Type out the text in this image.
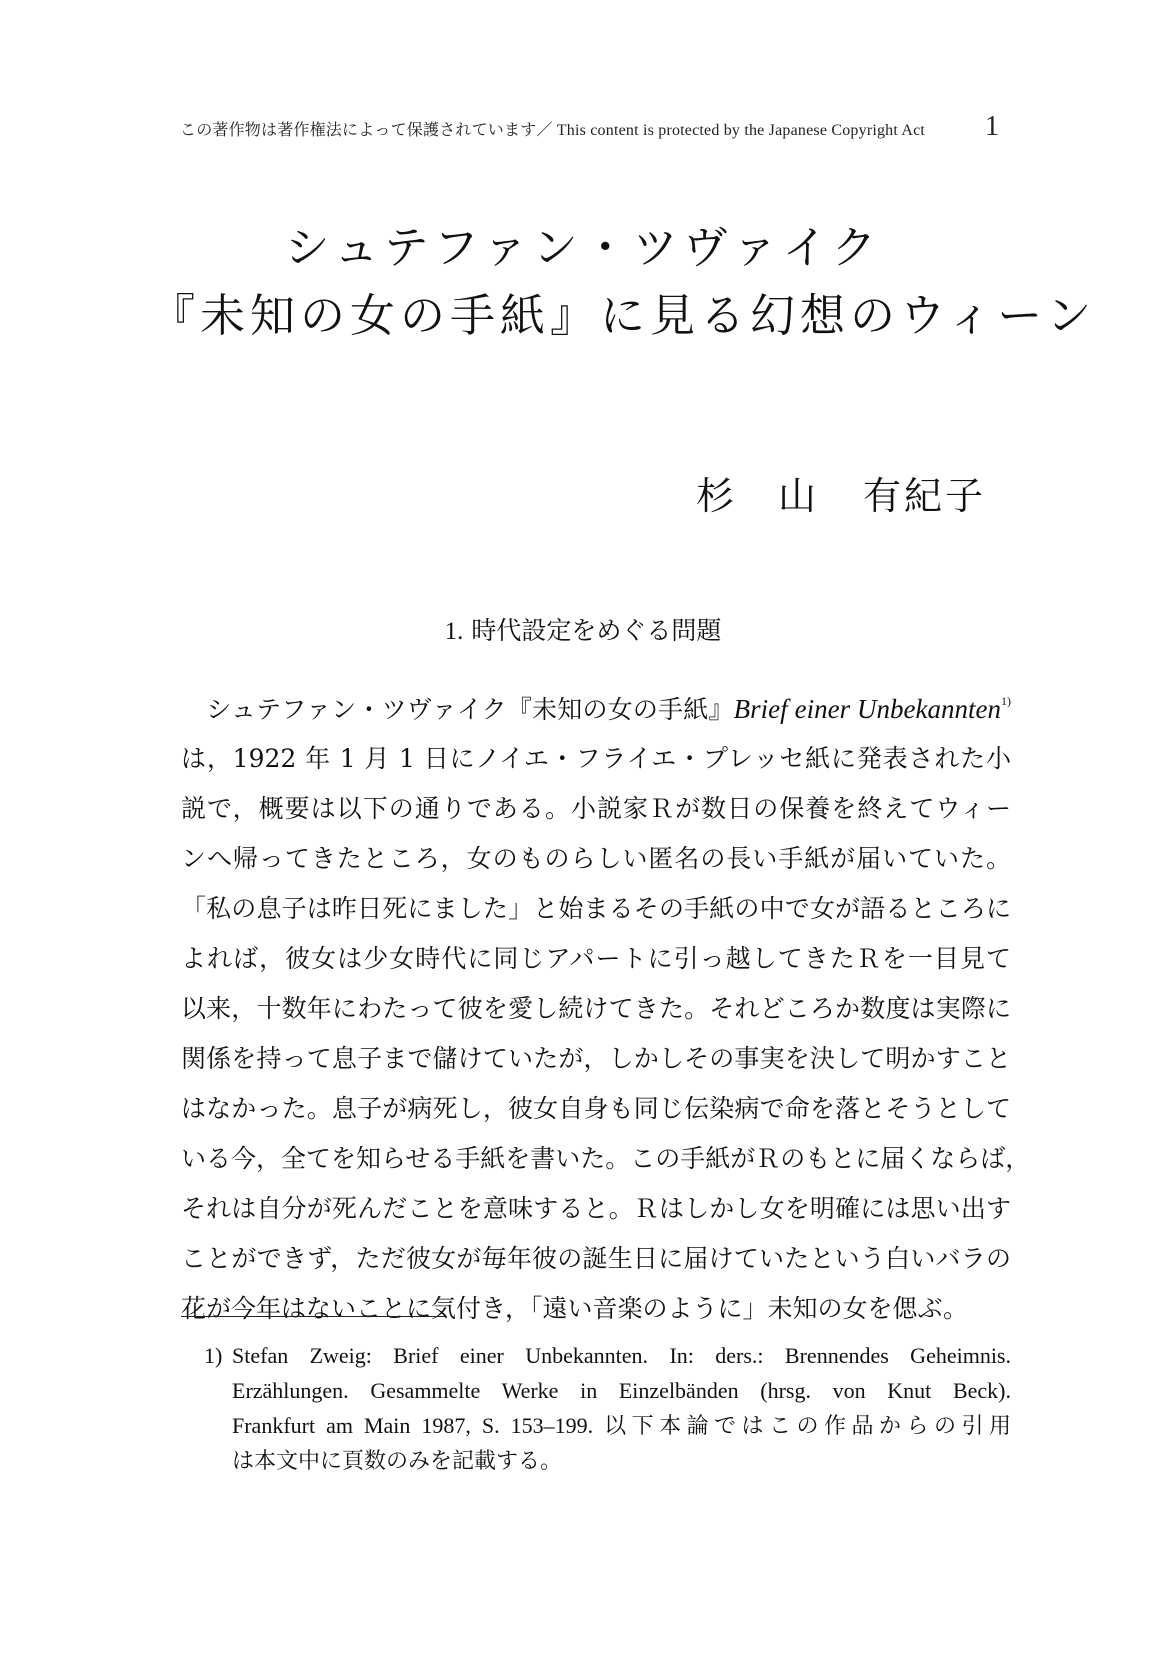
この著作物は著作権法によって保護されています／ This content is protected by the Japanese Copyright Act	1
シュテファン・ツヴァイク
『未知の女の手紙』に見る幻想のウィーン
杉　山 有紀子
1. 時代設定をめぐる問題
　シュテファン・ツヴァイク『未知の女の手紙』Brief einer Unbekannten$^{1)}$
は，1922 年 1 月 1 日にノイエ・フライエ・プレッセ紙に発表された小
説で，概要は以下の通りである。小説家Ｒが数日の保養を終えてウィー
ンへ帰ってきたところ，女のものらしい匿名の長い手紙が届いていた。
「私の息子は昨日死にました」と始まるその手紙の中で女が語るところに
よれば，彼女は少女時代に同じアパートに引っ越してきたＲを一目見て
以来，十数年にわたって彼を愛し続けてきた。それどころか数度は実際に
関係を持って息子まで儲けていたが，しかしその事実を決して明かすこと
はなかった。息子が病死し，彼女自身も同じ伝染病で命を落とそうとして
いる今，全てを知らせる手紙を書いた。この手紙がＲのもとに届くならば，
それは自分が死んだことを意味すると。Ｒはしかし女を明確には思い出す
ことができず，ただ彼女が毎年彼の誕生日に届けていたという白いバラの
花が今年はないことに気付き，「遠い音楽のように」未知の女を偲ぶ。
1) Stefan Zweig: Brief einer Unbekannten. In: ders.: Brennendes Geheimnis.
Erzählungen. Gesammelte Werke in Einzelbänden (hrsg. von Knut Beck).
Frankfurt am Main 1987, S. 153–199. 以下本論ではこの作品からの引用
は本文中に頁数のみを記載する。
